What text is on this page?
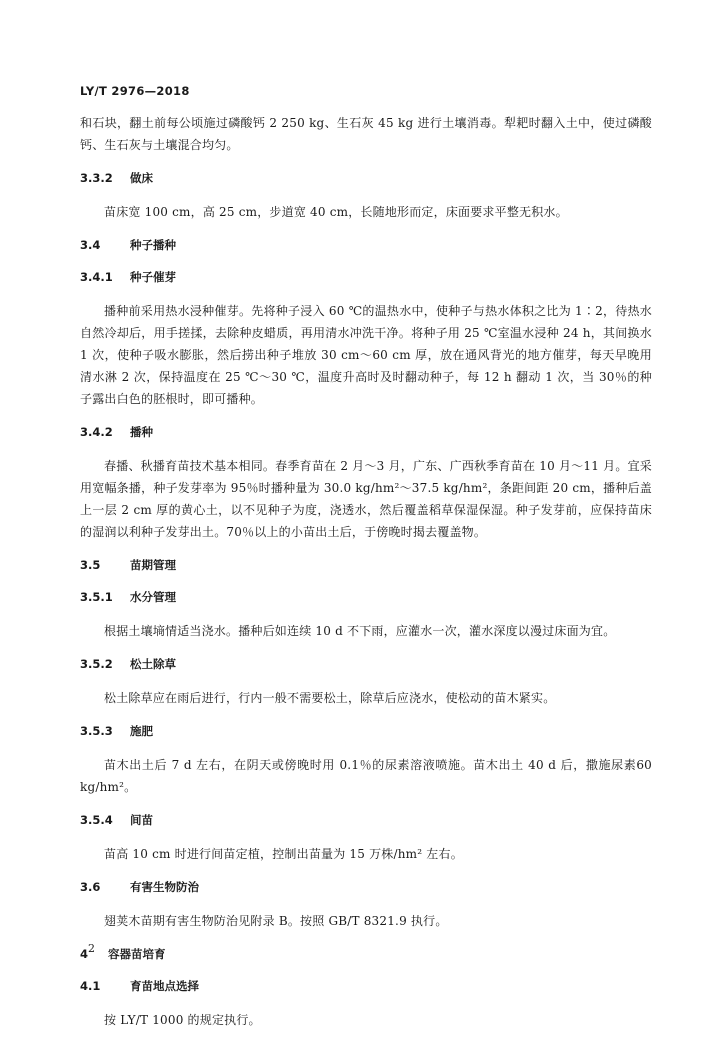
LY/T 2976—2018

和石块，翻土前每公顷施过磷酸钙 2 250 kg、生石灰 45 kg 进行土壤消毒。犁耙时翻入土中，使过磷酸钙、生石灰与土壤混合均匀。

3.3.2 做床

苗床宽 100 cm，高 25 cm，步道宽 40 cm，长随地形而定，床面要求平整无积水。

3.4	种子播种
3.4.1 种子催芽

播种前采用热水浸种催芽。先将种子浸入 60 ℃的温热水中，使种子与热水体积之比为 1∶2，待热水自然冷却后，用手搓揉，去除种皮蜡质，再用清水冲洗干净。将种子用 25 ℃室温水浸种 24 h，其间换水 1 次，使种子吸水膨胀，然后捞出种子堆放 30 cm～60 cm 厚，放在通风背光的地方催芽，每天早晚用清水淋 2 次，保持温度在 25 ℃～30 ℃，温度升高时及时翻动种子，每 12 h 翻动 1 次，当 30％的种子露出白色的胚根时，即可播种。

3.4.2 播种

春播、秋播育苗技术基本相同。春季育苗在 2 月～3 月，广东、广西秋季育苗在 10 月～11 月。宜采用宽幅条播，种子发芽率为 95％时播种量为 30.0 kg/hm²～37.5 kg/hm²，条距间距 20 cm，播种后盖上一层 2 cm 厚的黄心土，以不见种子为度，浇透水，然后覆盖稻草保湿保湿。种子发芽前，应保持苗床的湿润以利种子发芽出土。70％以上的小苗出土后，于傍晚时揭去覆盖物。

3.5	苗期管理
3.5.1 水分管理

根据土壤墒情适当浇水。播种后如连续 10 d 不下雨，应灌水一次，灌水深度以漫过床面为宜。

3.5.2 松土除草

松土除草应在雨后进行，行内一般不需要松土，除草后应浇水，使松动的苗木紧实。

3.5.3 施肥

苗木出土后 7 d 左右，在阴天或傍晚时用 0.1％的尿素溶液喷施。苗木出土 40 d 后，撒施尿素60 kg/hm²。

3.5.4 间苗

苗高 10 cm 时进行间苗定植，控制出苗量为 15 万株/hm² 左右。

3.6	有害生物防治

翅荚木苗期有害生物防治见附录 B。按照 GB/T 8321.9 执行。

4	容器苗培育
4.1	育苗地点选择

按 LY/T 1000 的规定执行。

2
